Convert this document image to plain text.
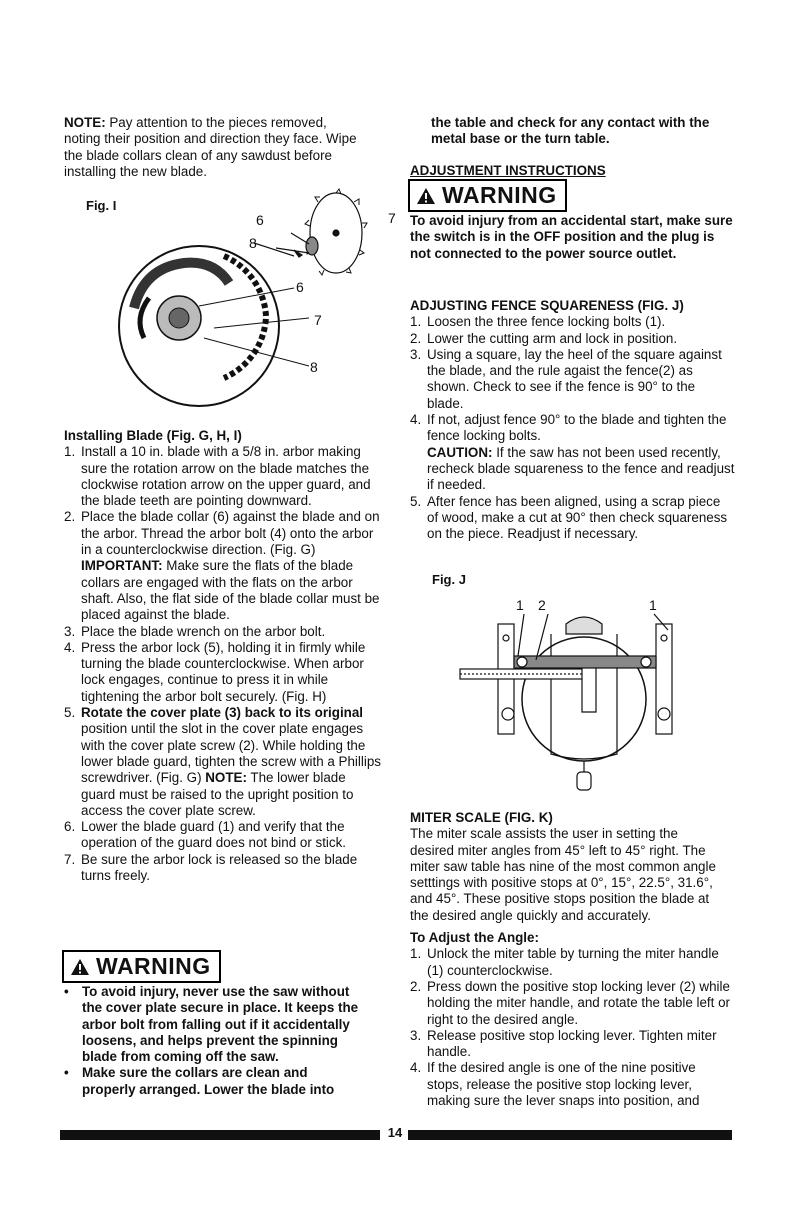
NOTE: Pay attention to the pieces removed, noting their position and direction they face. Wipe the blade collars clean of any sawdust before installing the new blade.

Fig. I
6	7
8
6
7
8
Installing Blade (Fig. G, H, I)
1. Install a 10 in. blade with a 5/8 in. arbor making sure the rotation arrow on the blade matches the clockwise rotation arrow on the upper guard, and the blade teeth are pointing downward.
2. Place the blade collar (6) against the blade and on the arbor. Thread the arbor bolt (4) onto the arbor in a counterclockwise direction. (Fig. G) IMPORTANT: Make sure the flats of the blade collars are engaged with the flats on the arbor shaft. Also, the flat side of the blade collar must be placed against the blade.
3. Place the blade wrench on the arbor bolt.
4. Press the arbor lock (5), holding it in firmly while turning the blade counterclockwise. When arbor lock engages, continue to press it in while tightening the arbor bolt securely. (Fig. H)
5. Rotate the cover plate (3) back to its original position until the slot in the cover plate engages with the cover plate screw (2). While holding the lower blade guard, tighten the screw with a Phillips screwdriver. (Fig. G) NOTE: The lower blade guard must be raised to the upright position to access the cover plate screw.
6. Lower the blade guard (1) and verify that the operation of the guard does not bind or stick.
7. Be sure the arbor lock is released so the blade turns freely.
WARNING
• To avoid injury, never use the saw without the cover plate secure in place. It keeps the arbor bolt from falling out if it accidentally loosens, and helps prevent the spinning blade from coming off the saw.
• Make sure the collars are clean and properly arranged. Lower the blade into

the table and check for any contact with the metal base or the turn table.

ADJUSTMENT INSTRUCTIONS
WARNING

To avoid injury from an accidental start, make sure the switch is in the OFF position and the plug is not connected to the power source outlet.

ADJUSTING FENCE SQUARENESS (FIG. J)
1. Loosen the three fence locking bolts (1).
2. Lower the cutting arm and lock in position.
3. Using a square, lay the heel of the square against the blade, and the rule agaist the fence(2) as shown. Check to see if the fence is 90° to the blade.
4. If not, adjust fence 90° to the blade and tighten the fence locking bolts.
CAUTION: If the saw has not been used recently, recheck blade squareness to the fence and readjust if needed.
5. After fence has been aligned, using a scrap piece of wood, make a cut at 90° then check squareness on the piece. Readjust if necessary.
Fig. J
1 2	1
MITER SCALE (FIG. K)

The miter scale assists the user in setting the desired miter angles from 45° left to 45° right. The miter saw table has nine of the most common angle setttings with positive stops at 0°, 15°, 22.5°, 31.6°, and 45°. These positive stops position the blade at the desired angle quickly and accurately.

To Adjust the Angle:
1. Unlock the miter table by turning the miter handle (1) counterclockwise.
2. Press down the positive stop locking lever (2) while holding the miter handle, and rotate the table left or right to the desired angle.
3. Release positive stop locking lever. Tighten miter handle.
4. If the desired angle is one of the nine positive stops, release the positive stop locking lever, making sure the lever snaps into position, and
14
